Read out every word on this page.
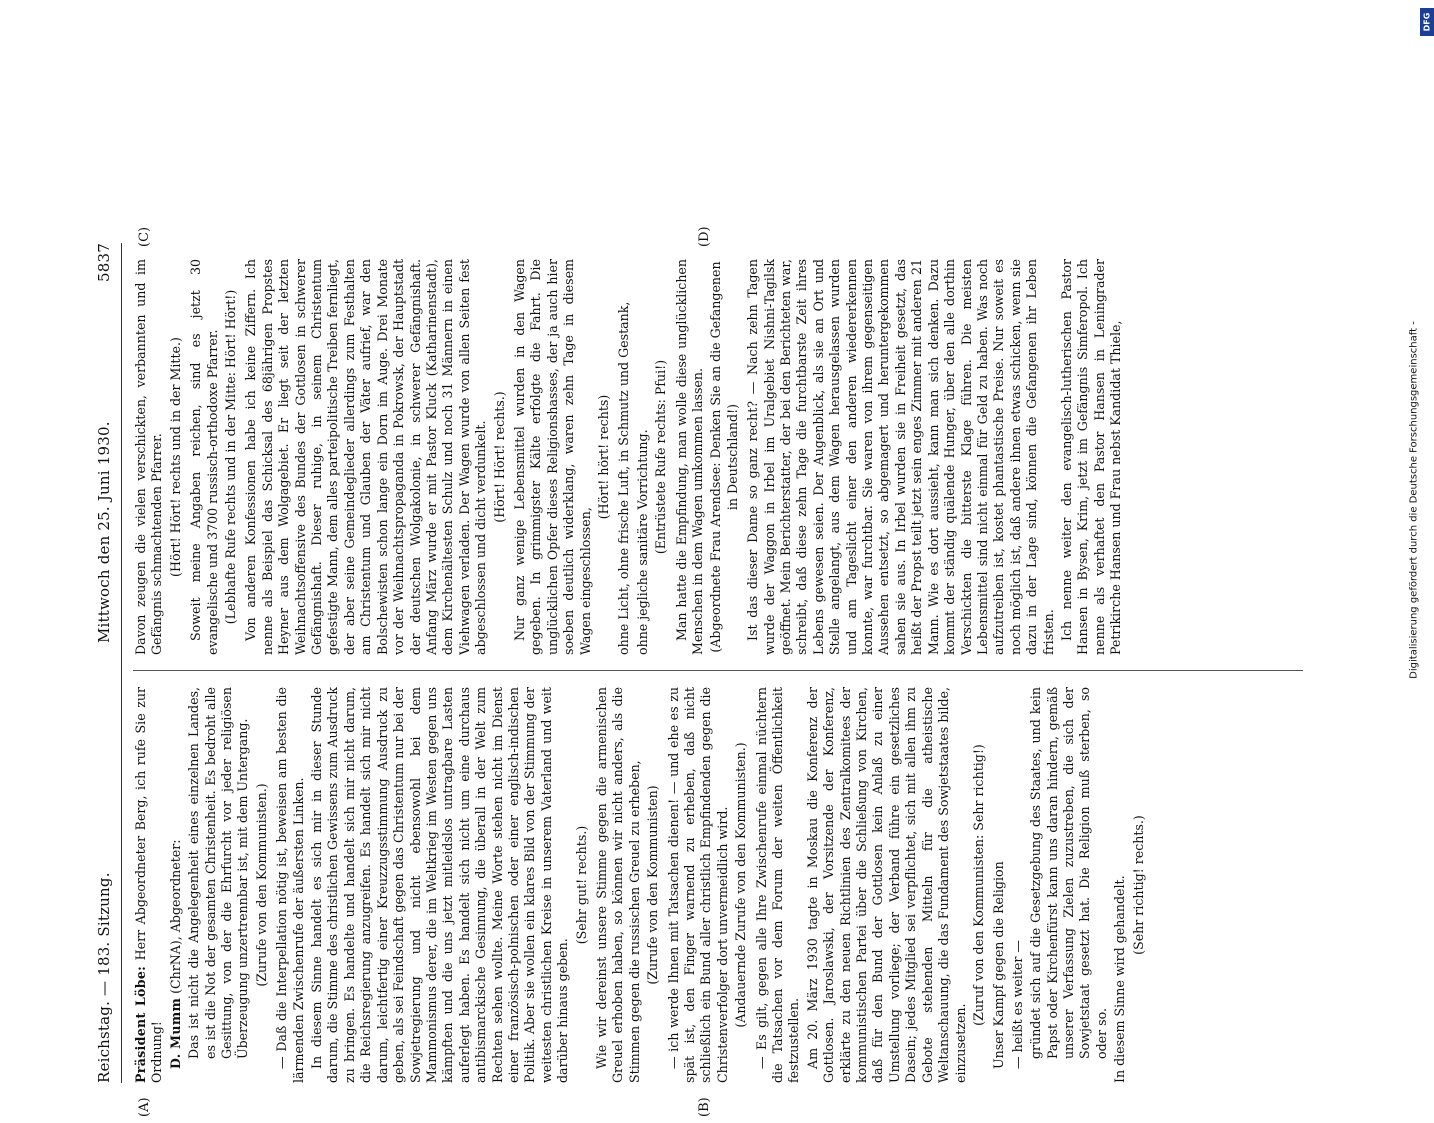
Reichstag. — 183. Sitzung.
Mittwoch den 25. Juni 1930.
5837
(A)	(B)
(C)	(D)

Präsident Löbe: Herr Abgeordneter Berg, ich rufe Sie zur Ordnung! D. Mumm (ChrNA), Abgeordneter: Das ist nicht die Angelegenheit eines einzelnen Landes, es ist die Not der gesamten Christenheit. Es bedroht alle Gesittung, von der die Ehrfurcht vor jeder religiösen Überzeugung unzertrennbar ist, mit dem Untergang. (Zurufe von den Kommunisten.) — Daß die Interpellation nötig ist, beweisen am besten die lärmenden Zwischenrufe der äußersten Linken. In diesem Sinne handelt es sich mir in dieser Stunde darum, die Stimme des christlichen Gewissens zum Ausdruck zu bringen. Es handelte und handelt sich mir nicht darum, die Reichsregierung anzugreifen. Es handelt sich mir nicht darum, leichtfertig einer Kreuzzugsstimmung Ausdruck zu geben, als sei Feindschaft gegen das Christentum nur bei der Sowjetregierung und nicht ebensowohl bei dem Mammonismus derer, die im Weltkrieg im Westen gegen uns kämpften und die uns jetzt mitleidslos untragbare Lasten auferlegt haben. Es handelt sich nicht um eine durchaus antibismarckische Gesinnung, die überall in der Welt zum Rechten sehen wollte. Meine Worte stehen nicht im Dienst einer französisch-polnischen oder einer englisch-indischen Politik. Aber sie wollen ein klares Bild von der Stimmung der weitesten christlichen Kreise in unserem Vaterland und weit darüber hinaus geben.

(Sehr gut! rechts.) Wie wir dereinst unsere Stimme gegen die armenischen Greuel erhoben haben, so können wir nicht anders, als die Stimmen gegen die russischen Greuel zu erheben, (Zurufe von den Kommunisten) — ich werde Ihnen mit Tatsachen dienen! — und ehe es zu spät ist, den Finger warnend zu erheben, daß nicht schließlich ein Bund aller christlich Empfindenden gegen die Christenverfolger dort unvermeidlich wird. (Andauernde Zurufe von den Kommunisten.) — Es gilt, gegen alle Ihre Zwischenrufe einmal nüchtern die Tatsachen vor dem Forum der weiten Öffentlichkeit festzustellen. Am 20. März 1930 tagte in Moskau die Konferenz der Gottlosen. Jaroslawski, der Vorsitzende der Konferenz, erklärte zu den neuen Richtlinien des Zentralkomitees der kommunistischen Partei über die Schließung von Kirchen, daß für den Bund der Gottlosen kein Anlaß zu einer Umstellung vorliege; der Verband führe ein gesetzliches Dasein; jedes Mitglied sei verpflichtet, sich mit allen ihm zu Gebote stehenden Mitteln für die atheistische Weltanschauung, die das Fundament des Sowjetstaates bilde, einzusetzen.

(Zuruf von den Kommunisten: Sehr richtig!) Unser Kampf gegen die Religion — heißt es weiter — gründet sich auf die Gesetzgebung des Staates, und kein Papst oder Kirchenfürst kann uns daran hindern, gemäß unserer Verfassung Zielen zuzustreben, die sich der Sowjetstaat gesetzt hat. Die Religion muß sterben, so oder so. In diesem Sinne wird gehandelt. (Sehr richtig! rechts.)

Davon zeugen die vielen verschickten, verbannten und im Gefängnis schmachtenden Pfarrer. (Hört! Hört! rechts und in der Mitte.) Soweit meine Angaben reichen, sind es jetzt 30 evangelische und 3700 russisch-orthodoxe Pfarrer. (Lebhafte Rufe rechts und in der Mitte: Hört! Hört!) Von anderen Konfessionen habe ich keine Ziffern. Ich nenne als Beispiel das Schicksal des 68jährigen Propstes Heyner aus dem Wolgagebiet. Er liegt seit der letzten Weihnachtsoffensive des Bundes der Gottlosen in schwerer Gefängnishaft. Dieser ruhige, in seinem Christentum gefestigte Mann, dem alles parteipolitische Treiben fernliegt, der aber seine Gemeindeglieder allerdings zum Festhalten am Christentum und Glauben der Väter aufrief, war den Bolschewisten schon lange ein Dorn im Auge. Drei Monate vor der Weihnachtspropaganda in Pokrowsk, der Hauptstadt der deutschen Wolgakolonie, in schwerer Gefängnishaft. Anfang März wurde er mit Pastor Kluck (Katharinenstadt), dem Kirchenältesten Schulz und noch 31 Männern in einen Viehwagen verladen. Der Wagen wurde von allen Seiten fest abgeschlossen und dicht verdunkelt. (Hört! Hört! rechts.) Nur ganz wenige Lebensmittel wurden in den Wagen gegeben. In grimmigster Kälte erfolgte die Fahrt. Die unglücklichen Opfer dieses Religionshasses, der ja auch hier soeben deutlich widerklang, waren zehn Tage in diesem Wagen eingeschlossen,

(Hört! hört! rechts) ohne Licht, ohne frische Luft, in Schmutz und Gestank, ohne jegliche sanitäre Vorrichtung. (Entrüstete Rufe rechts: Pfui!) Man hatte die Empfindung, man wolle diese unglücklichen Menschen in dem Wagen umkommen lassen. (Abgeordnete Frau Arendsee: Denken Sie an die Gefangenen in Deutschland!) Ist das dieser Dame so ganz recht? — Nach zehn Tagen wurde der Waggon in Irbel im Uralgebiet Nishni-Tagilsk geöffnet. Mein Berichterstatter, der bei den Berichteten war, schreibt, daß diese zehn Tage die furchtbarste Zeit ihres Lebens gewesen seien. Der Augenblick, als sie an Ort und Stelle angelangt, aus dem Wagen herausgelassen wurden und am Tageslicht einer den anderen wiedererkennen konnte, war furchtbar. Sie waren von ihrem gegenseitigen Aussehen entsetzt, so abgemagert und heruntergekommen sahen sie aus. In Irbel wurden sie in Freiheit gesetzt, das heißt der Propst teilt jetzt sein enges Zimmer mit anderen 21 Mann. Wie es dort aussieht, kann man sich denken. Dazu kommt der ständig quälende Hunger, über den alle dorthin Verschickten die bitterste Klage führen. Die meisten Lebensmittel sind nicht einmal für Geld zu haben. Was noch aufzutreiben ist, kostet phantastische Preise. Nur soweit es noch möglich ist, daß andere ihnen etwas schicken, wenn sie dazu in der Lage sind, können die Gefangenen ihr Leben fristen. Ich nenne weiter den evangelisch-lutherischen Pastor Hansen in Bysen, Krim, jetzt im Gefängnis Simferopol. Ich nenne als verhaftet den Pastor Hansen in Leningrader Petrikirche Hansen und Frau nebst Kandidat Thiele,	Digitalisierung gefördert durch die Deutsche Forschungsgemeinschaft -
DFG
